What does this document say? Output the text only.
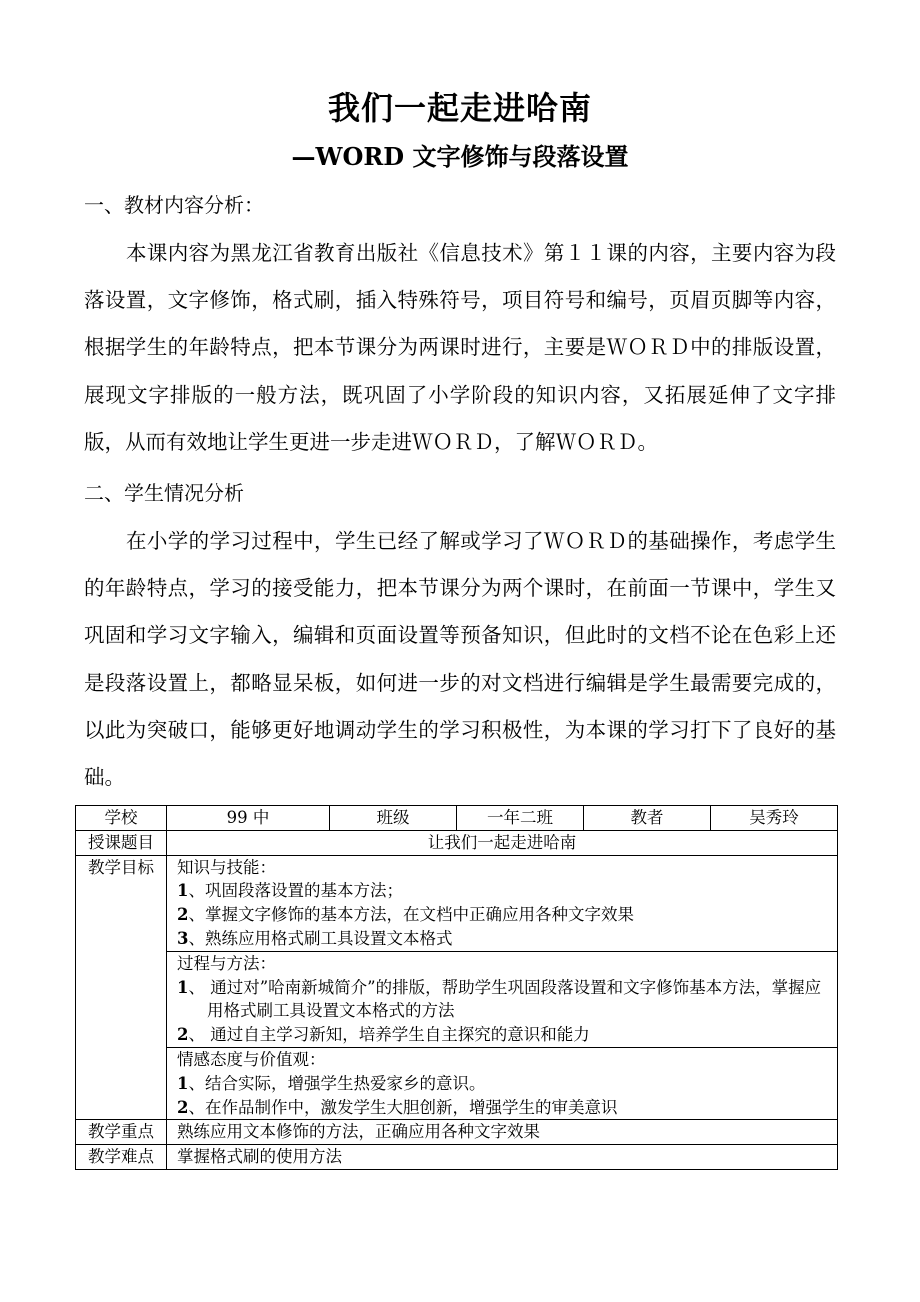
我们一起走进哈南
—WORD 文字修饰与段落设置
一、教材内容分析：
本课内容为黑龙江省教育出版社《信息技术》第１１课的内容，主要内容为段落设置，文字修饰，格式刷，插入特殊符号，项目符号和编号，页眉页脚等内容，根据学生的年龄特点，把本节课分为两课时进行，主要是ＷＯＲＤ中的排版设置，展现文字排版的一般方法，既巩固了小学阶段的知识内容，又拓展延伸了文字排版，从而有效地让学生更进一步走进ＷＯＲＤ，了解ＷＯＲＤ。
二、学生情况分析
在小学的学习过程中，学生已经了解或学习了ＷＯＲＤ的基础操作，考虑学生的年龄特点，学习的接受能力，把本节课分为两个课时，在前面一节课中，学生又巩固和学习文字输入，编辑和页面设置等预备知识，但此时的文档不论在色彩上还是段落设置上，都略显呆板，如何进一步的对文档进行编辑是学生最需要完成的，以此为突破口，能够更好地调动学生的学习积极性，为本课的学习打下了良好的基础。
学校	99 中	班级	一年二班	教者	吴秀玲
授课题目	让我们一起走进哈南				
教学目标	知识与技能：
1、巩固段落设置的基本方法；
2、掌握文字修饰的基本方法，在文档中正确应用各种文字效果
3、熟练应用格式刷工具设置文本格式				

	过程与方法：
1、 通过对”哈南新城简介”的排版，帮助学生巩固段落设置和文字修饰基本方法，掌握应用格式刷工具设置文本格式的方法
2、 通过自主学习新知，培养学生自主探究的意识和能力				

	情感态度与价值观：
1、结合实际，增强学生热爱家乡的意识。
2、在作品制作中，激发学生大胆创新，增强学生的审美意识				

教学重点	熟练应用文本修饰的方法，正确应用各种文字效果				
教学难点	掌握格式刷的使用方法				
